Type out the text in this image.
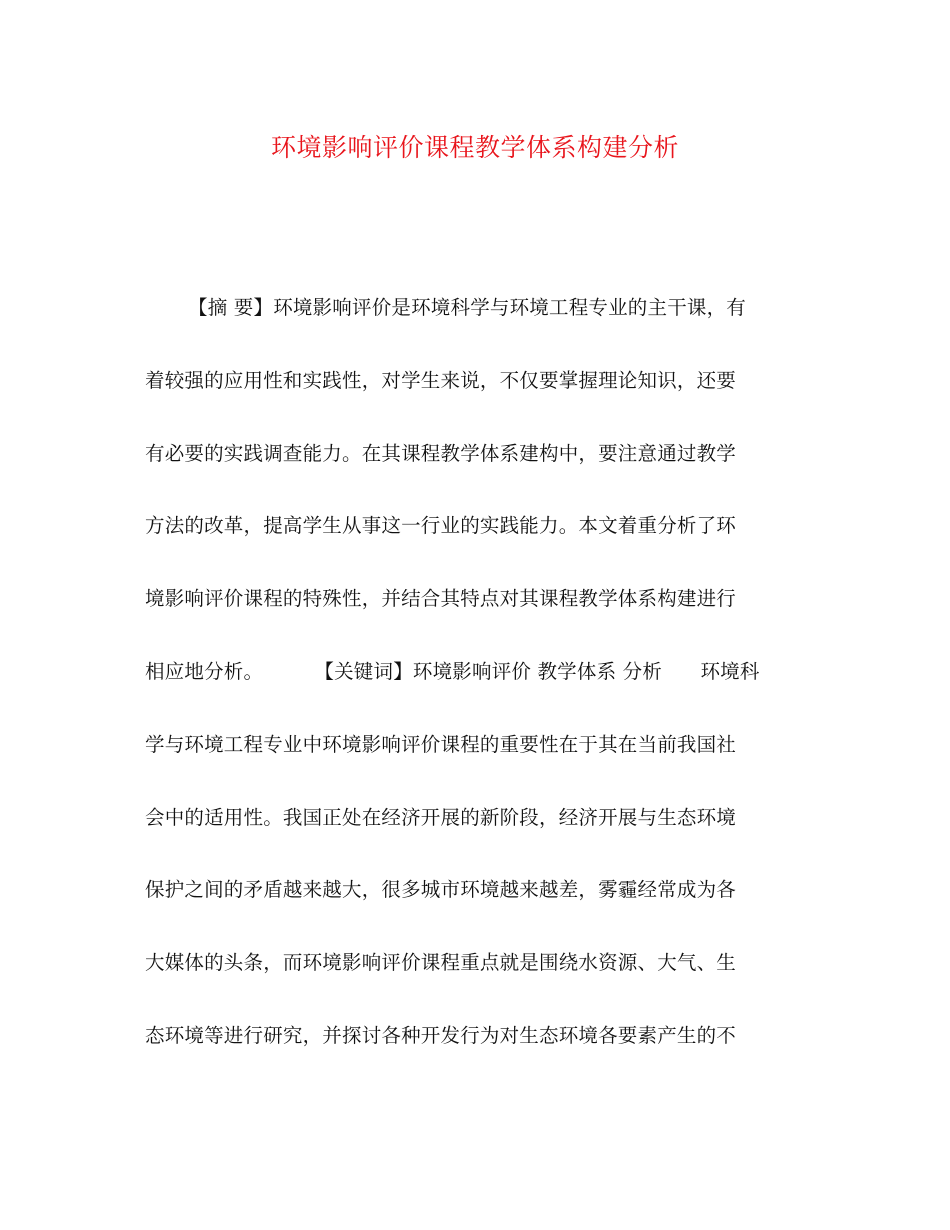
环境影响评价课程教学体系构建分析
【摘 要】环境影响评价是环境科学与环境工程专业的主干课，有
着较强的应用性和实践性，对学生来说，不仅要掌握理论知识，还要
有必要的实践调查能力。在其课程教学体系建构中，要注意通过教学
方法的改革，提高学生从事这一行业的实践能力。本文着重分析了环
境影响评价课程的特殊性，并结合其特点对其课程教学体系构建进行
相应地分析。        【关键词】环境影响评价 教学体系 分析      环境科
学与环境工程专业中环境影响评价课程的重要性在于其在当前我国社
会中的适用性。我国正处在经济开展的新阶段，经济开展与生态环境
保护之间的矛盾越来越大，很多城市环境越来越差，雾霾经常成为各
大媒体的头条，而环境影响评价课程重点就是围绕水资源、大气、生
态环境等进行研究，并探讨各种开发行为对生态环境各要素产生的不
